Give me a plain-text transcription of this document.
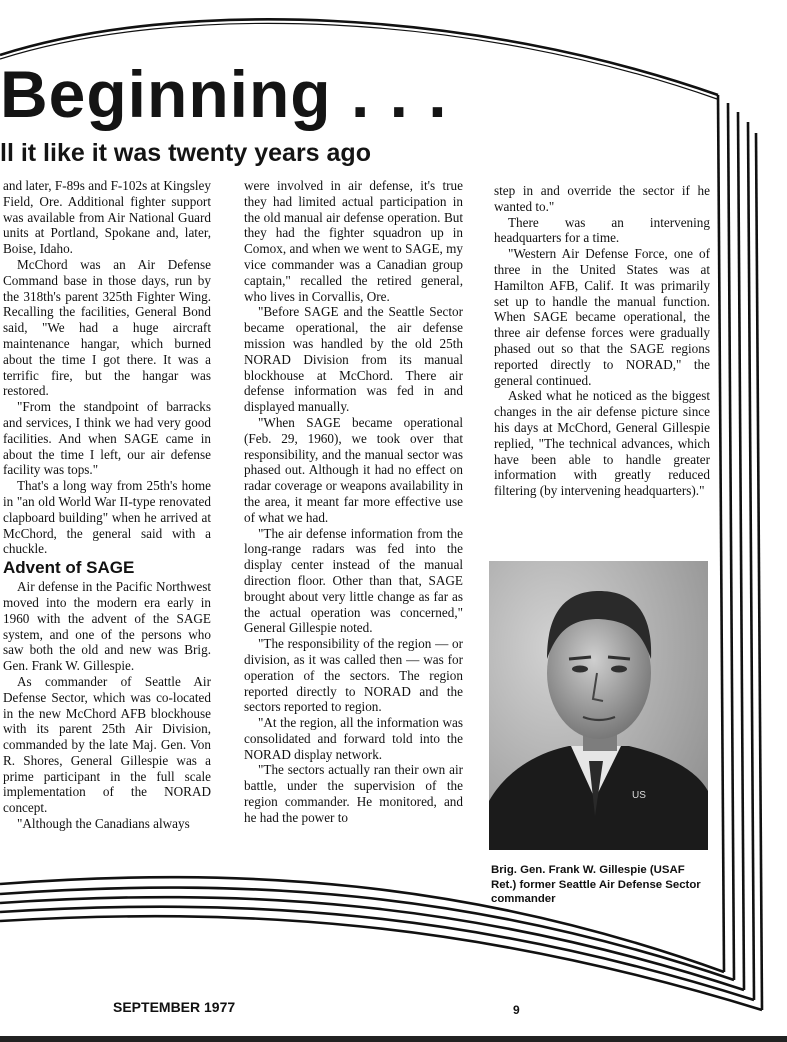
Beginning . . .
ll it like it was twenty years ago

and later, F-89s and F-102s at Kingsley Field, Ore. Additional fighter support was available from Air National Guard units at Portland, Spokane and, later, Boise, Idaho.

McChord was an Air Defense Command base in those days, run by the 318th's parent 325th Fighter Wing. Recalling the facilities, General Bond said, "We had a huge aircraft maintenance hangar, which burned about the time I got there. It was a terrific fire, but the hangar was restored.

"From the standpoint of barracks and services, I think we had very good facilities. And when SAGE came in about the time I left, our air defense facility was tops."

That's a long way from 25th's home in "an old World War II-type renovated clapboard building" when he arrived at McChord, the general said with a chuckle.

Advent of SAGE

Air defense in the Pacific Northwest moved into the modern era early in 1960 with the advent of the SAGE system, and one of the persons who saw both the old and new was Brig. Gen. Frank W. Gillespie.

As commander of Seattle Air Defense Sector, which was co-located in the new McChord AFB blockhouse with its parent 25th Air Division, commanded by the late Maj. Gen. Von R. Shores, General Gillespie was a prime participant in the full scale implementation of the NORAD concept.

"Although the Canadians always

were involved in air defense, it's true they had limited actual participation in the old manual air defense operation. But they had the fighter squadron up in Comox, and when we went to SAGE, my vice commander was a Canadian group captain," recalled the retired general, who lives in Corvallis, Ore.

"Before SAGE and the Seattle Sector became operational, the air defense mission was handled by the old 25th NORAD Division from its manual blockhouse at McChord. There air defense information was fed in and displayed manually.

"When SAGE became operational (Feb. 29, 1960), we took over that responsibility, and the manual sector was phased out. Although it had no effect on radar coverage or weapons availability in the area, it meant far more effective use of what we had.

"The air defense information from the long-range radars was fed into the display center instead of the manual direction floor. Other than that, SAGE brought about very little change as far as the actual operation was concerned," General Gillespie noted.

"The responsibility of the region — or division, as it was called then — was for operation of the sectors. The region reported directly to NORAD and the sectors reported to region.

"At the region, all the information was consolidated and forward told into the NORAD display network.

"The sectors actually ran their own air battle, under the supervision of the region commander. He monitored, and he had the power to

step in and override the sector if he wanted to."

There was an intervening headquarters for a time.

"Western Air Defense Force, one of three in the United States was at Hamilton AFB, Calif. It was primarily set up to handle the manual function. When SAGE became operational, the three air defense forces were gradually phased out so that the SAGE regions reported directly to NORAD," the general continued.

Asked what he noticed as the biggest changes in the air defense picture since his days at McChord, General Gillespie replied, "The technical advances, which have been able to handle greater information with greatly reduced filtering (by intervening headquarters)."

US
Brig. Gen. Frank W. Gillespie (USAF Ret.) former Seattle Air Defense Sector commander
SEPTEMBER 1977	9
